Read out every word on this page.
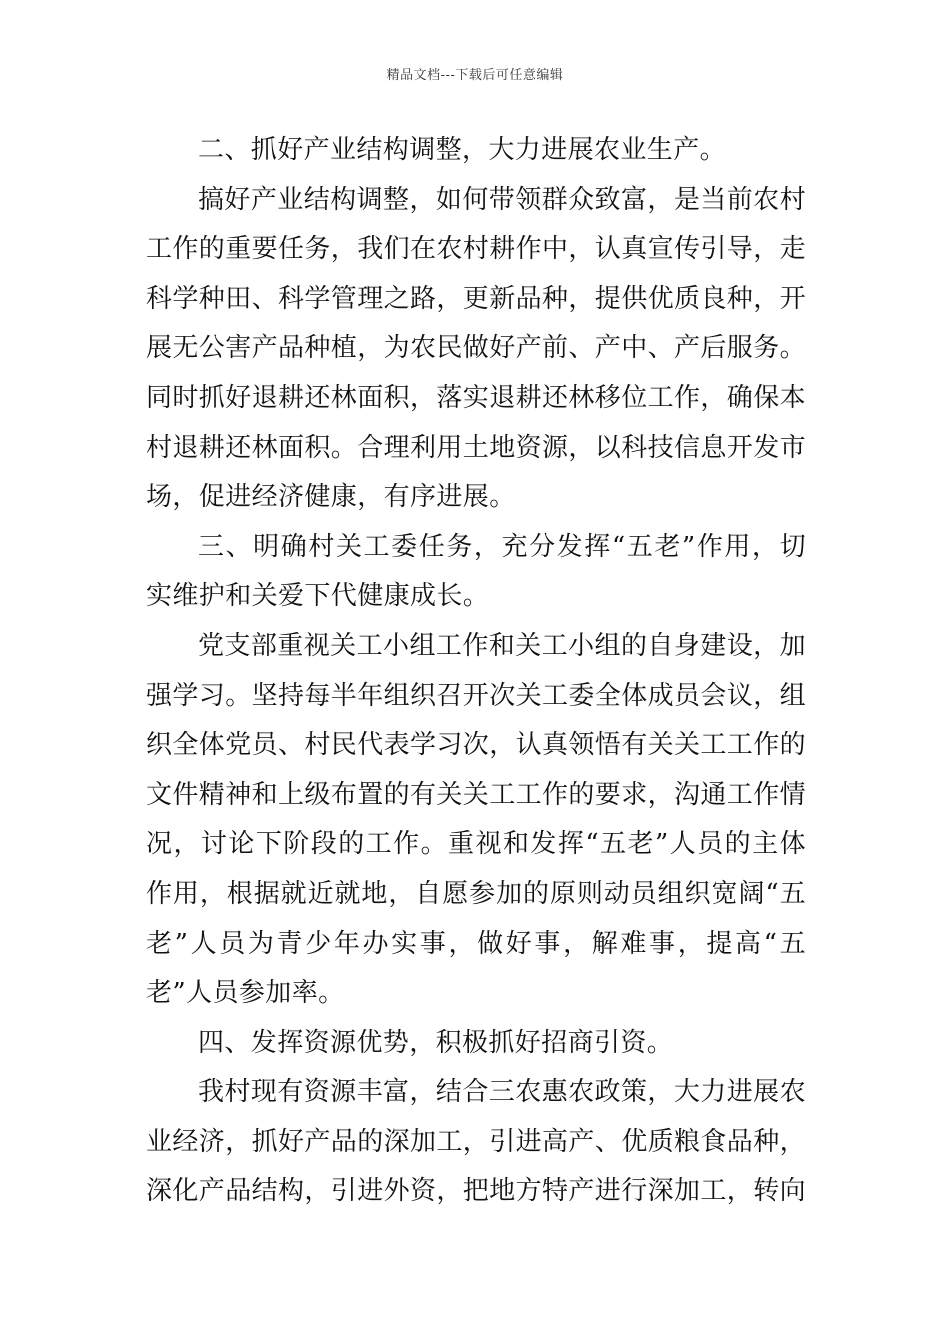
精品文档---下载后可任意编辑

二、抓好产业结构调整，大力进展农业生产。

搞好产业结构调整，如何带领群众致富，是当前农村工作的重要任务，我们在农村耕作中，认真宣传引导，走科学种田、科学管理之路，更新品种，提供优质良种，开展无公害产品种植，为农民做好产前、产中、产后服务。同时抓好退耕还林面积，落实退耕还林移位工作，确保本村退耕还林面积。合理利用土地资源，以科技信息开发市场，促进经济健康，有序进展。

三、明确村关工委任务，充分发挥“五老”作用，切实维护和关爱下代健康成长。

党支部重视关工小组工作和关工小组的自身建设，加强学习。坚持每半年组织召开次关工委全体成员会议，组织全体党员、村民代表学习次，认真领悟有关关工工作的文件精神和上级布置的有关关工工作的要求，沟通工作情况，讨论下阶段的工作。重视和发挥“五老”人员的主体作用，根据就近就地，自愿参加的原则动员组织宽阔“五老”人员为青少年办实事，做好事，解难事，提高“五老”人员参加率。

四、发挥资源优势，积极抓好招商引资。

我村现有资源丰富，结合三农惠农政策，大力进展农业经济，抓好产品的深加工，引进高产、优质粮食品种，深化产品结构，引进外资，把地方特产进行深加工，转向
